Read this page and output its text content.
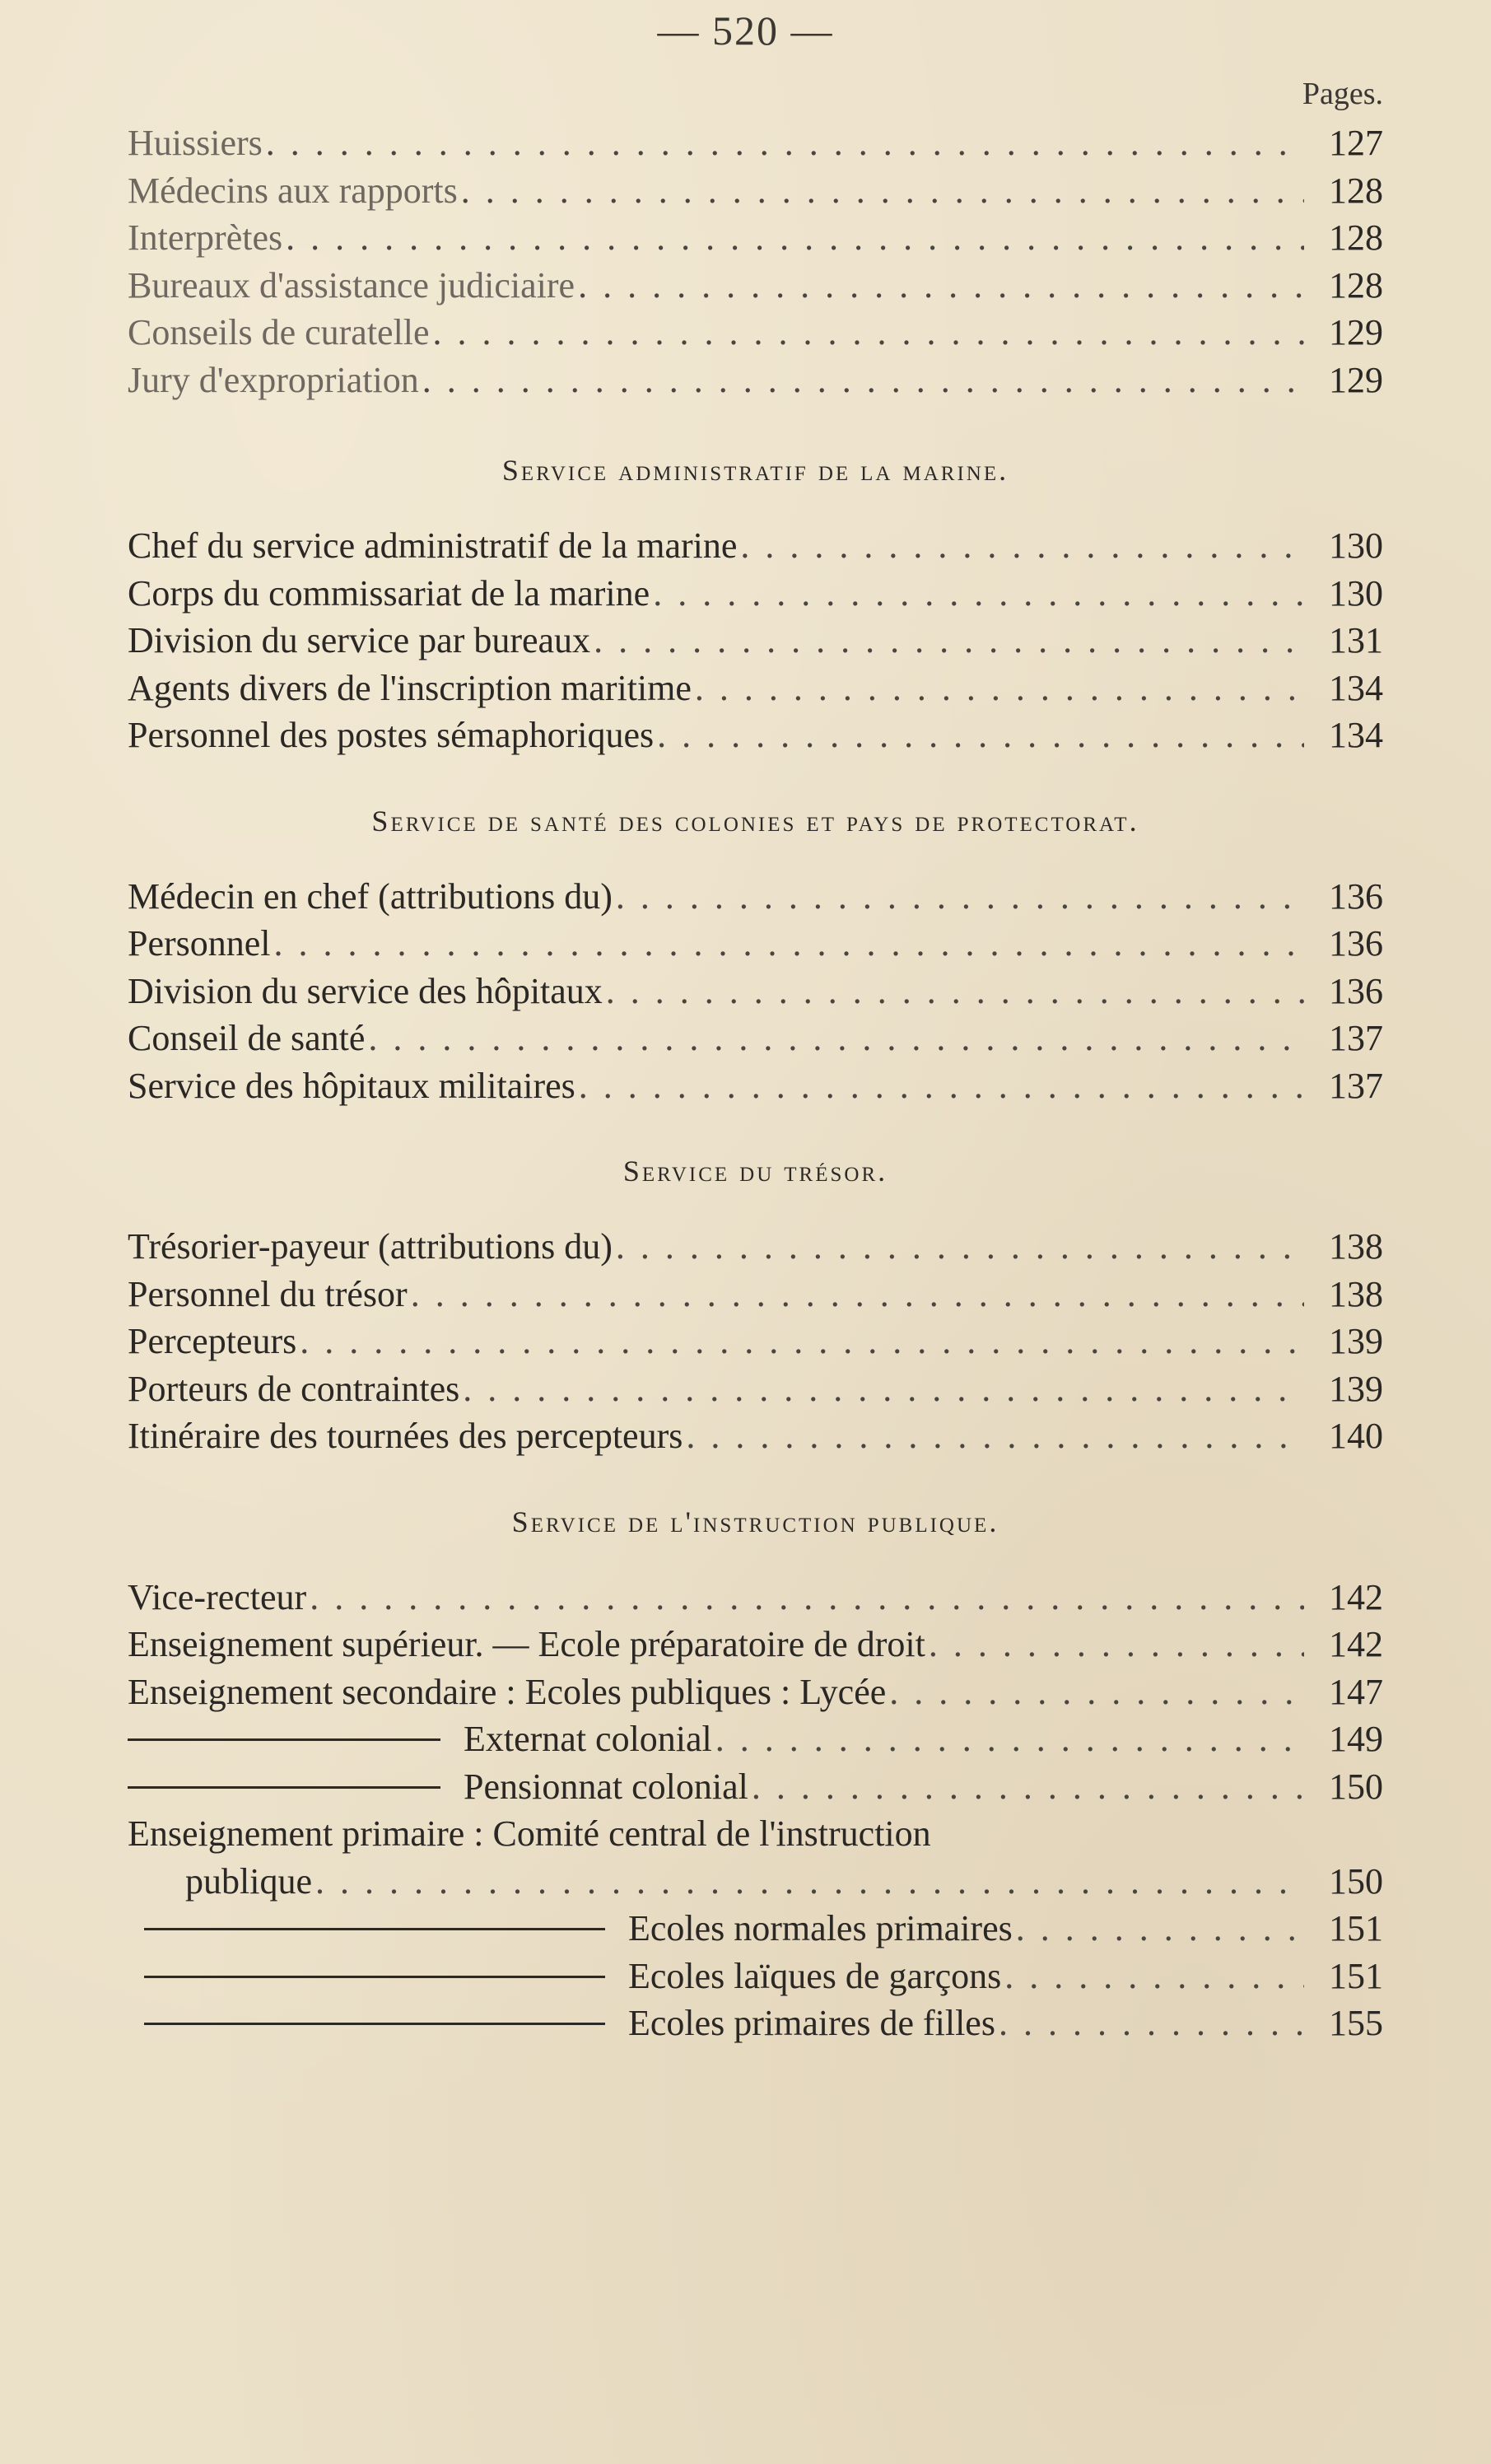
— 520 —
Pages.
Huissiers . . .	127
Médecins aux rapports . . .	128
Interprètes . . .	128
Bureaux d'assistance judiciaire . . .	128
Conseils de curatelle . . .	129
Jury d'expropriation . . .	129
Service administratif de la marine.
Chef du service administratif de la marine . . .	130
Corps du commissariat de la marine . . .	130
Division du service par bureaux . . .	131
Agents divers de l'inscription maritime . . .	134
Personnel des postes sémaphoriques . . .	134
Service de santé des colonies et pays de protectorat.
Médecin en chef (attributions du) . . .	136
Personnel . . .	136
Division du service des hôpitaux . . .	136
Conseil de santé . . .	137
Service des hôpitaux militaires . . .	137
Service du trésor.
Trésorier-payeur (attributions du) . . .	138
Personnel du trésor . . .	138
Percepteurs . . .	139
Porteurs de contraintes . . .	139
Itinéraire des tournées des percepteurs . . .	140
Service de l'instruction publique.
Vice-recteur . . .	142
Enseignement supérieur. — Ecole préparatoire de droit . . .	142
Enseignement secondaire : Ecoles publiques : Lycée . . .	147
Externat colonial . . .	149
Pensionnat colonial . . .	150
Enseignement primaire : Comité central de l'instruction
publique . . .	150
Ecoles normales primaires . . .	151
Ecoles laïques de garçons . . .	151
Ecoles primaires de filles . . .	155
